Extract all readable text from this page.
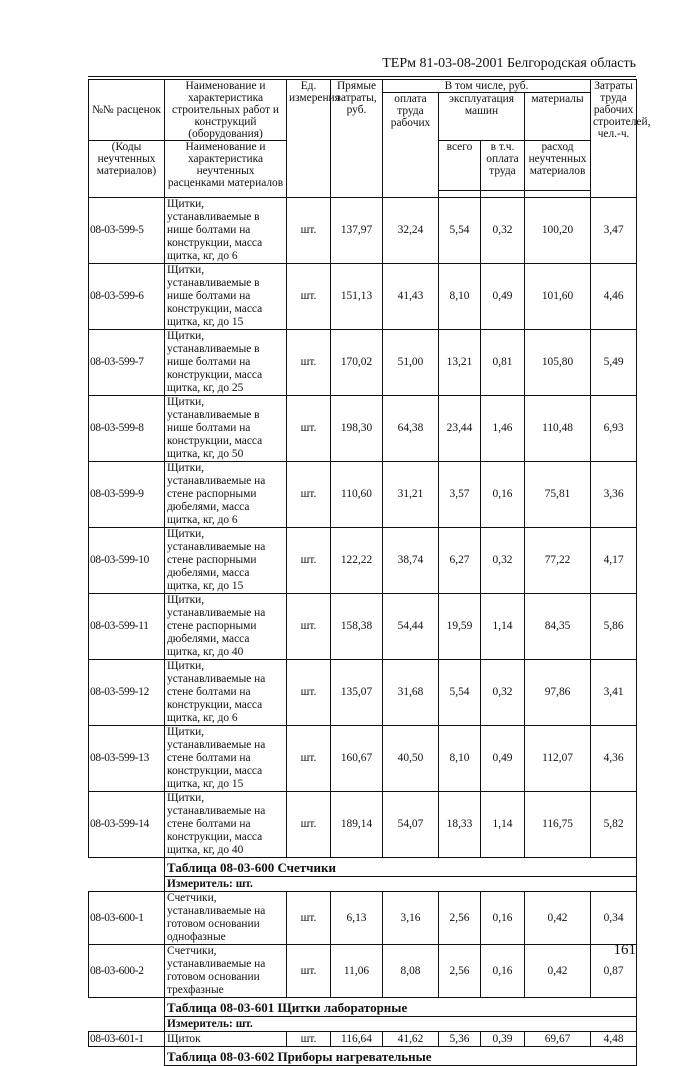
ТЕРм 81-03-08-2001 Белгородская область
№№ расценок	Наименование и характеристика строительных работ и конструкций (оборудования)	Ед. измерения	Прямые затраты, руб.	В том числе, руб.				Затраты труда рабочих строителей, чел.-ч.
				оплата труда рабочих	эксплуатация машин		материалы	
(Коды неучтенных материалов)	Наименование и характеристика неучтенных расценками материалов				всего	в т.ч. оплата труда	расход неучтенных материалов	

08-03-599-5	Щитки, устанавливаемые в нише болтами на конструкции, масса щитка, кг, до 6	шт.	137,97	32,24	5,54	0,32	100,20	3,47
08-03-599-6	Щитки, устанавливаемые в нише болтами на конструкции, масса щитка, кг, до 15	шт.	151,13	41,43	8,10	0,49	101,60	4,46
08-03-599-7	Щитки, устанавливаемые в нише болтами на конструкции, масса щитка, кг, до 25	шт.	170,02	51,00	13,21	0,81	105,80	5,49
08-03-599-8	Щитки, устанавливаемые в нише болтами на конструкции, масса щитка, кг, до 50	шт.	198,30	64,38	23,44	1,46	110,48	6,93
08-03-599-9	Щитки, устанавливаемые на стене распорными дюбелями, масса щитка, кг, до 6	шт.	110,60	31,21	3,57	0,16	75,81	3,36
08-03-599-10	Щитки, устанавливаемые на стене распорными дюбелями, масса щитка, кг, до 15	шт.	122,22	38,74	6,27	0,32	77,22	4,17
08-03-599-11	Щитки, устанавливаемые на стене распорными дюбелями, масса щитка, кг, до 40	шт.	158,38	54,44	19,59	1,14	84,35	5,86
08-03-599-12	Щитки, устанавливаемые на стене болтами на конструкции, масса щитка, кг, до 6	шт.	135,07	31,68	5,54	0,32	97,86	3,41
08-03-599-13	Щитки, устанавливаемые на стене болтами на конструкции, масса щитка, кг, до 15	шт.	160,67	40,50	8,10	0,49	112,07	4,36
08-03-599-14	Щитки, устанавливаемые на стене болтами на конструкции, масса щитка, кг, до 40	шт.	189,14	54,07	18,33	1,14	116,75	5,82
	Таблица 08-03-600 Счетчики							
	Измеритель: шт.							
08-03-600-1	Счетчики, устанавливаемые на готовом основании однофазные	шт.	6,13	3,16	2,56	0,16	0,42	0,34
08-03-600-2	Счетчики, устанавливаемые на готовом основании трехфазные	шт.	11,06	8,08	2,56	0,16	0,42	0,87
	Таблица 08-03-601 Щитки лабораторные							
	Измеритель: шт.							
08-03-601-1	Щиток	шт.	116,64	41,62	5,36	0,39	69,67	4,48
	Таблица 08-03-602 Приборы нагревательные							
161
